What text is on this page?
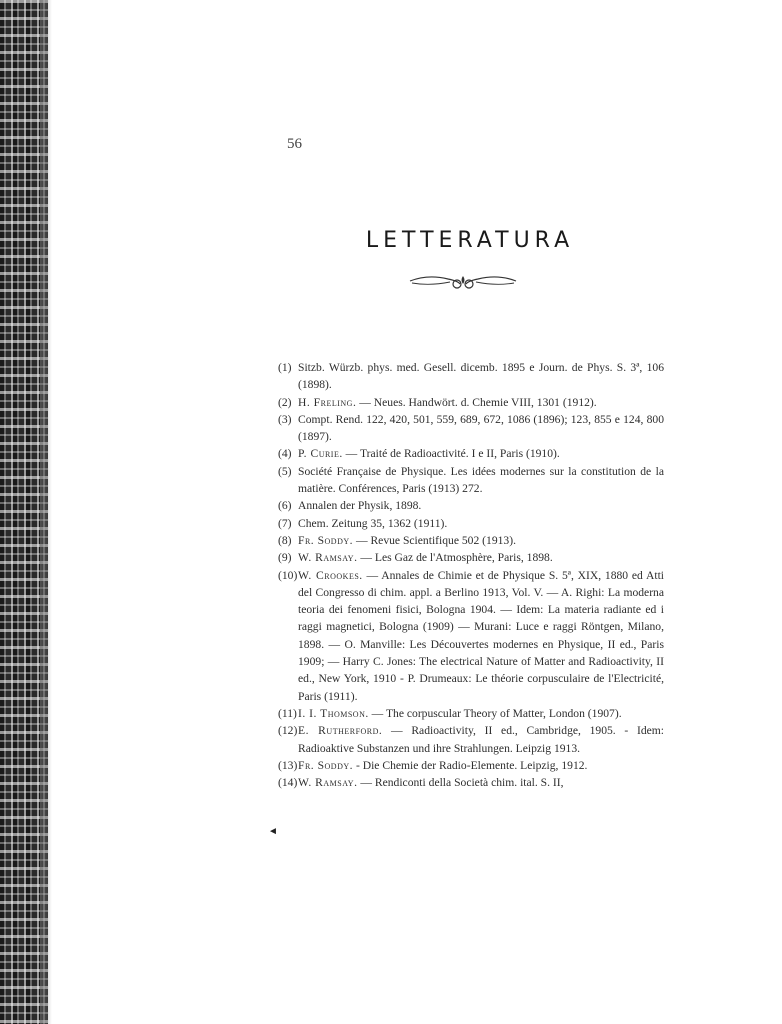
56
LETTERATURA
(1) Sitzb. Würzb. phys. med. Gesell. dicemb. 1895 e Journ. de Phys. S. 3ª, 106 (1898).
(2) H. Freling. — Neues. Handwört. d. Chemie VIII, 1301 (1912).
(3) Compt. Rend. 122, 420, 501, 559, 689, 672, 1086 (1896); 123, 855 e 124, 800 (1897).
(4) P. Curie. — Traité de Radioactivité. I e II, Paris (1910).
(5) Société Française de Physique. Les idées modernes sur la constitution de la matière. Conférences, Paris (1913) 272.
(6) Annalen der Physik, 1898.
(7) Chem. Zeitung 35, 1362 (1911).
(8) Fr. Soddy. — Revue Scientifique 502 (1913).
(9) W. Ramsay. — Les Gaz de l'Atmosphère, Paris, 1898.
(10) W. Crookes. — Annales de Chimie et de Physique S. 5ª, XIX, 1880 ed Atti del Congresso di chim. appl. a Berlino 1913, Vol. V. — A. Righi: La moderna teoria dei fenomeni fisici, Bologna 1904. — Idem: La materia radiante ed i raggi magnetici, Bologna (1909) — Murani: Luce e raggi Röntgen, Milano, 1898. — O. Manville: Les Découvertes modernes en Physique, II ed., Paris 1909; — Harry C. Jones: The electrical Nature of Matter and Radioactivity, II ed., New York, 1910 - P. Drumeaux: Le théorie corpusculaire de l'Electricité, Paris (1911).
(11) I. I. Thomson. — The corpuscular Theory of Matter, London (1907).
(12) E. Rutherford. — Radioactivity, II ed., Cambridge, 1905. - Idem: Radioaktive Substanzen und ihre Strahlungen. Leipzig 1913.
(13) Fr. Soddy. - Die Chemie der Radio-Elemente. Leipzig, 1912.
(14) W. Ramsay. — Rendiconti della Società chim. ital. S. II,
◄
